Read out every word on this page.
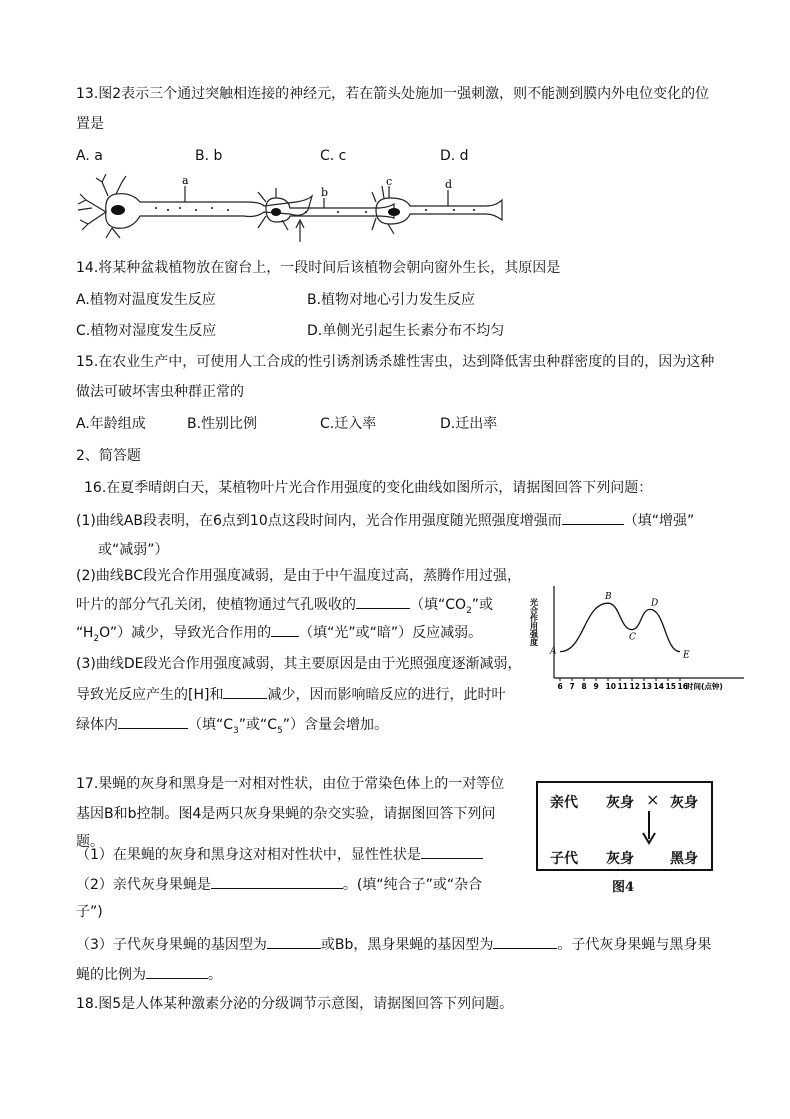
13.图2表示三个通过突触相连接的神经元，若在箭头处施加一强刺激，则不能测到膜内外电位变化的位
置是
A. a	B. b	C. c	D. d
a
b
c	d
14.将某种盆栽植物放在窗台上，一段时间后该植物会朝向窗外生长，其原因是
A.植物对温度发生反应	B.植物对地心引力发生反应
C.植物对湿度发生反应	D.单侧光引起生长素分布不均匀
15.在农业生产中，可使用人工合成的性引诱剂诱杀雄性害虫，达到降低害虫种群密度的目的，因为这种
做法可破坏害虫种群正常的
A.年龄组成	B.性别比例	C.迁入率	D.迁出率
2、简答题
16.在夏季晴朗白天，某植物叶片光合作用强度的变化曲线如图所示，请据图回答下列问题：
(1)曲线AB段表明，在6点到10点这段时间内，光合作用强度随光照强度增强而	（填“增强”
或“减弱”）
(2)曲线BC段光合作用强度减弱，是由于中午温度过高，蒸腾作用过强，
叶片的部分气孔关闭，使植物通过气孔吸收的	（填“$CO_2$”或
“$H_2O$”）减少，导致光合作用的 （填“光”或“暗”）反应减弱。
(3)曲线DE段光合作用强度减弱，其主要原因是由于光照强度逐渐减弱，
导致光反应产生的[H]和	减少，因而影响暗反应的进行，此时叶
绿体内	（填“$C_3$”或“$C_5$”）含量会增加。
光合作用强度
6 7 8 9 10 11 12 13 14 15 16
A
B
C
D
E
时间(点钟)
17.果蝇的灰身和黑身是一对相对性状，由位于常染色体上的一对等位
基因B和b控制。图4是两只灰身果蝇的杂交实验，请据图回答下列问
题。
（1）在果蝇的灰身和黑身这对相对性状中，显性性状是
（2）亲代灰身果蝇是	。(填“纯合子”或“杂合
子”)
（3）子代灰身果蝇的基因型为	或Bb，黑身果蝇的基因型为	。子代灰身果蝇与黑身果
蝇的比例为	。
亲代 灰身 × 灰身
子代 灰身	黑身
图4
18.图5是人体某种激素分泌的分级调节示意图，请据图回答下列问题。
